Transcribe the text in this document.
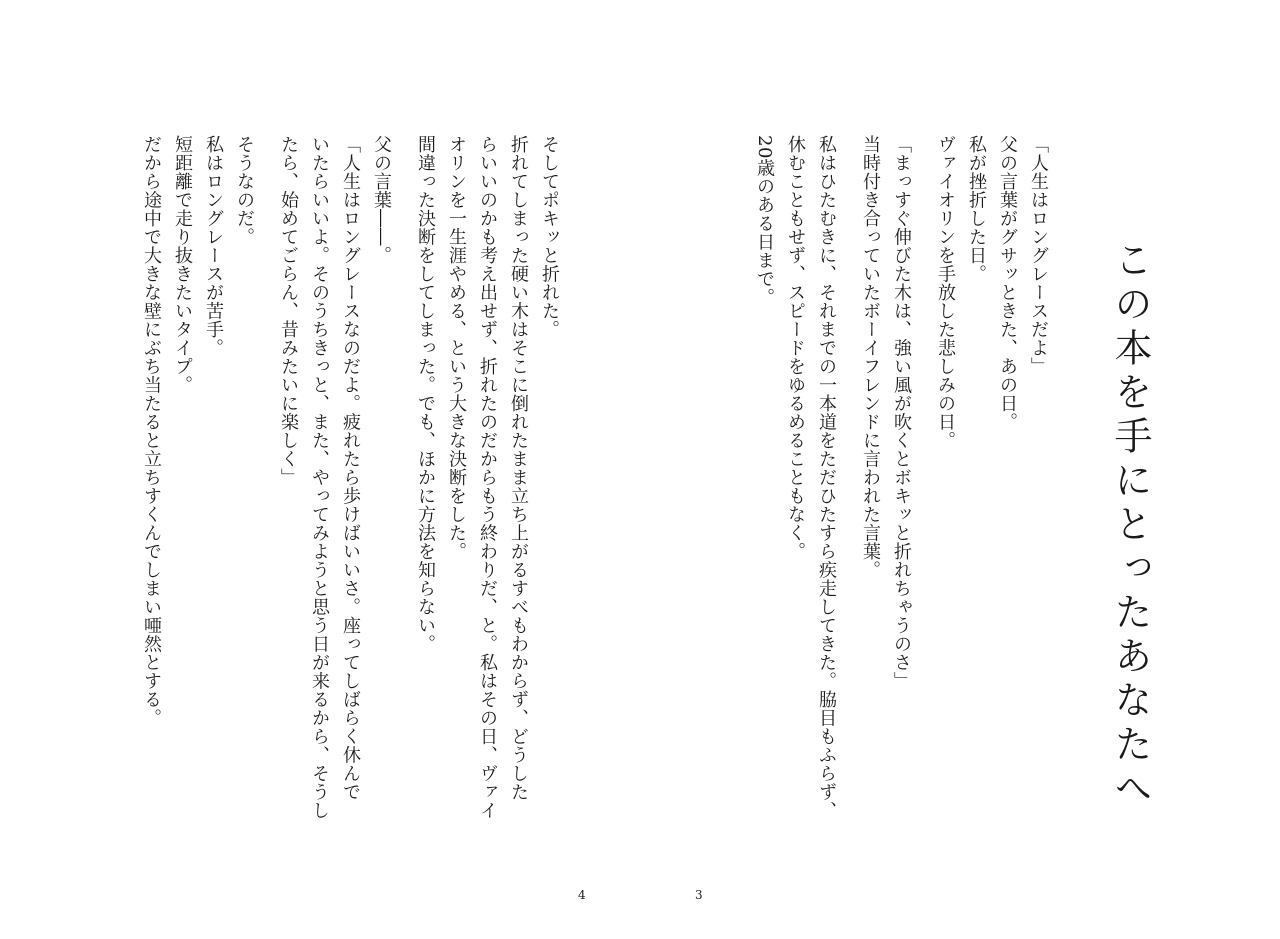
この本を手にとったあなたへ
「人生はロングレースだよ」
父の言葉がグサッときた、あの日。
私が挫折した日。
ヴァイオリンを手放した悲しみの日。
「まっすぐ伸びた木は、強い風が吹くとボキッと折れちゃうのさ」
当時付き合っていたボーイフレンドに言われた言葉。
私はひたむきに、それまでの一本道をただひたすら疾走してきた。脇目もふらず、
休むこともせず、スピードをゆるめることもなく。
20歳のある日まで。
そしてポキッと折れた。
折れてしまった硬い木はそこに倒れたまま立ち上がるすべもわからず、どうした
らいいのかも考え出せず、折れたのだからもう終わりだ、と。私はその日、ヴァイ
オリンを一生涯やめる、という大きな決断をした。
間違った決断をしてしまった。でも、ほかに方法を知らない。
父の言葉――。
「人生はロングレースなのだよ。疲れたら歩けばいいさ。座ってしばらく休んで
いたらいいよ。そのうちきっと、また、やってみようと思う日が来るから、そうし
たら、始めてごらん、昔みたいに楽しく」
そうなのだ。
私はロングレースが苦手。
短距離で走り抜きたいタイプ。
だから途中で大きな壁にぶち当たると立ちすくんでしまい唖然とする。
4	3
